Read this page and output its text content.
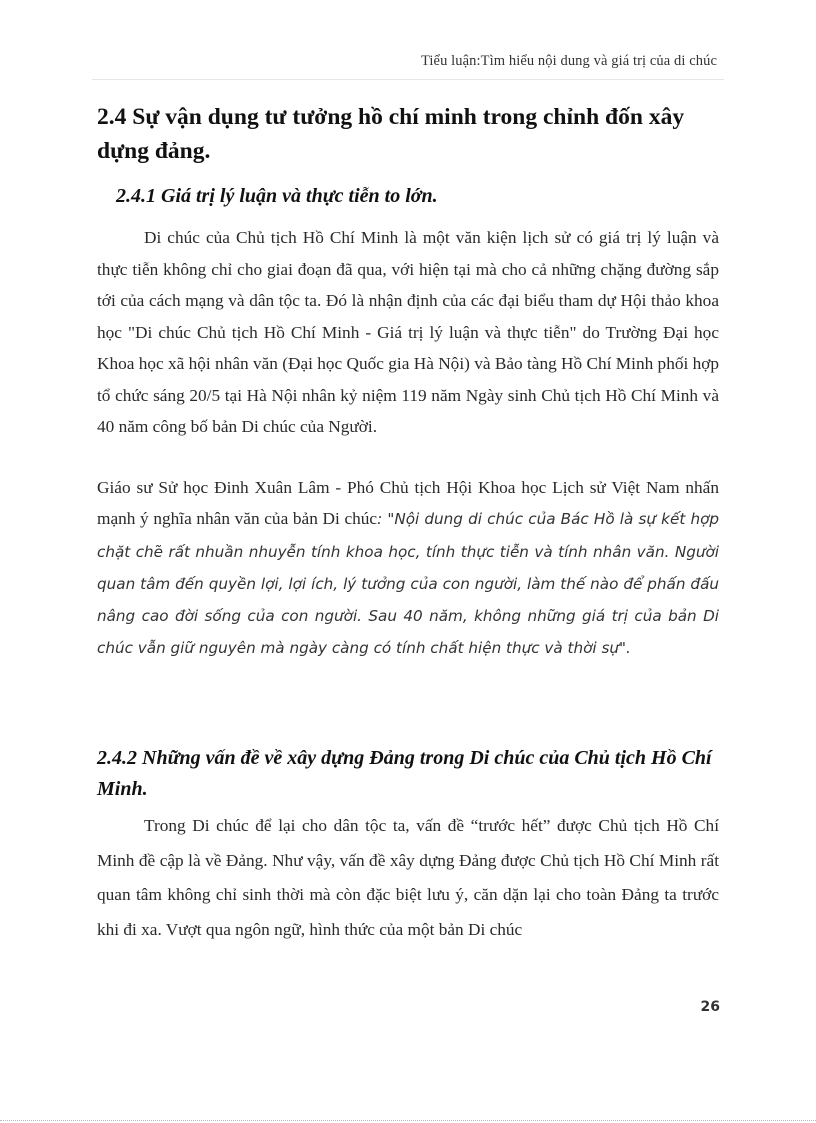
Tiểu luận:Tìm hiểu nội dung và giá trị của di chúc
2.4 Sự vận dụng tư tưởng hồ chí minh trong chỉnh đốn xây dựng đảng.
2.4.1 Giá trị lý luận và thực tiễn to lớn.

Di chúc của Chủ tịch Hồ Chí Minh là một văn kiện lịch sử có giá trị lý luận và thực tiễn không chỉ cho giai đoạn đã qua, với hiện tại mà cho cả những chặng đường sắp tới của cách mạng và dân tộc ta. Đó là nhận định của các đại biểu tham dự Hội thảo khoa học "Di chúc Chủ tịch Hồ Chí Minh - Giá trị lý luận và thực tiễn" do Trường Đại học Khoa học xã hội nhân văn (Đại học Quốc gia Hà Nội) và Bảo tàng Hồ Chí Minh phối hợp tổ chức sáng 20/5 tại Hà Nội nhân kỷ niệm 119 năm Ngày sinh Chủ tịch Hồ Chí Minh và 40 năm công bố bản Di chúc của Người.

Giáo sư Sử học Đinh Xuân Lâm - Phó Chủ tịch Hội Khoa học Lịch sử Việt Nam nhấn mạnh ý nghĩa nhân văn của bản Di chúc: "Nội dung di chúc của Bác Hồ là sự kết hợp chặt chẽ rất nhuần nhuyễn tính khoa học, tính thực tiễn và tính nhân văn. Người quan tâm đến quyền lợi, lợi ích, lý tưởng của con người, làm thế nào để phấn đấu nâng cao đời sống của con người. Sau 40 năm, không những giá trị của bản Di chúc vẫn giữ nguyên mà ngày càng có tính chất hiện thực và thời sự".

2.4.2 Những vấn đề về xây dựng Đảng trong Di chúc của Chủ tịch Hồ Chí Minh.

Trong Di chúc để lại cho dân tộc ta, vấn đề “trước hết” được Chủ tịch Hồ Chí Minh đề cập là về Đảng. Như vậy, vấn đề xây dựng Đảng được Chủ tịch Hồ Chí Minh rất quan tâm không chỉ sinh thời mà còn đặc biệt lưu ý, căn dặn lại cho toàn Đảng ta trước khi đi xa. Vượt qua ngôn ngữ, hình thức của một bản Di chúc

26
